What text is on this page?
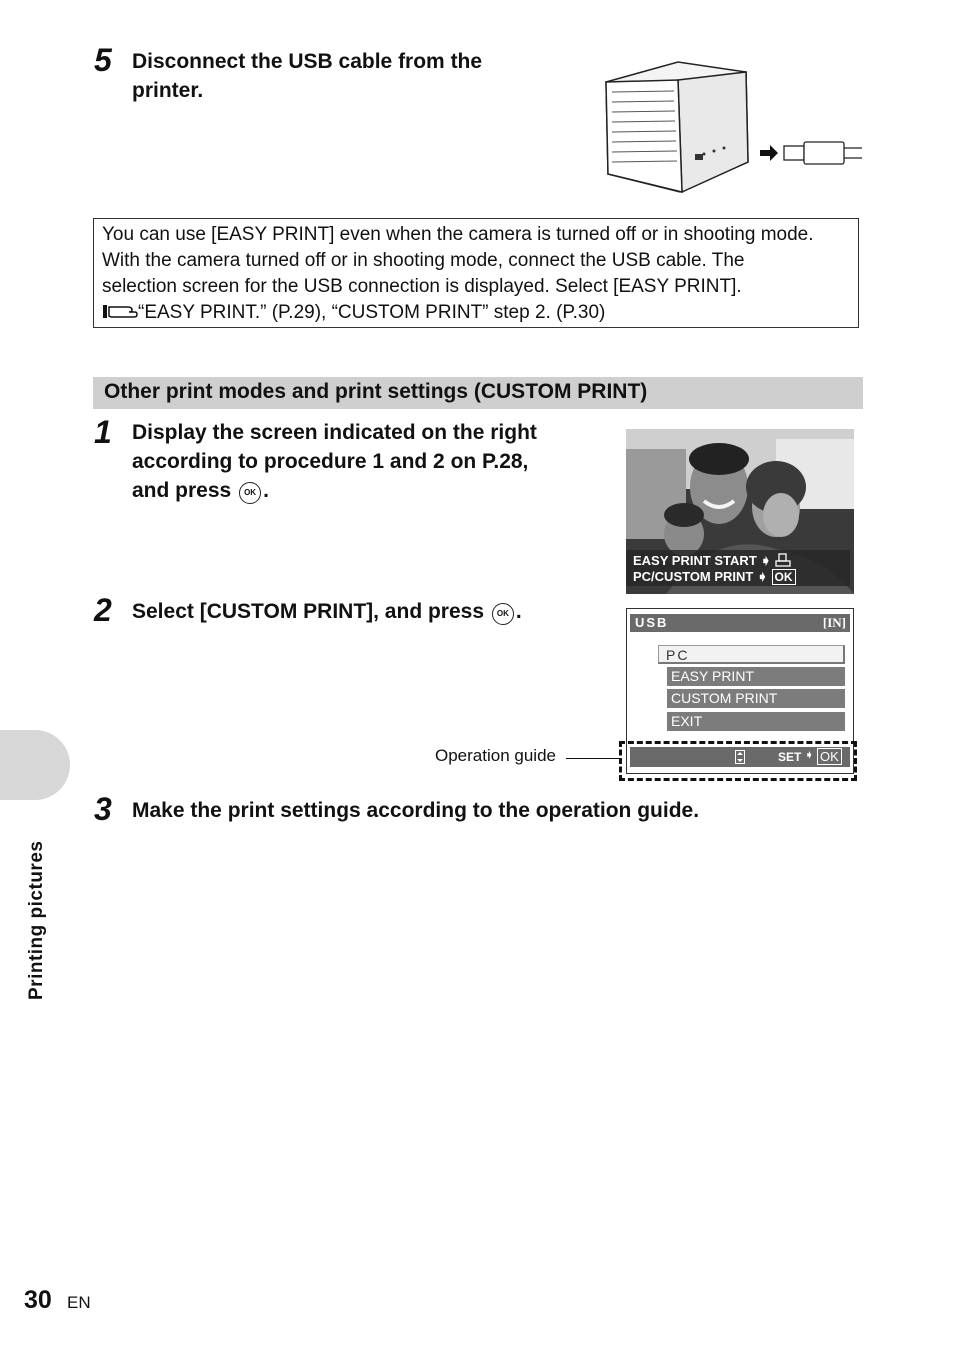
5 Disconnect the USB cable from the
printer.
You can use [EASY PRINT] even when the camera is turned off or in shooting mode.
With the camera turned off or in shooting mode, connect the USB cable. The
selection screen for the USB connection is displayed. Select [EASY PRINT].
“EASY PRINT.” (P.29), “CUSTOM PRINT” step 2. (P.30)
Other print modes and print settings (CUSTOM PRINT)
1 Display the screen indicated on the right
according to procedure 1 and 2 on P.28,
and press OK .
EASY PRINT START ➧
PC/CUSTOM PRINT ➧ OK
2 Select [CUSTOM PRINT], and press OK .	USB	[IN]
PC
EASY PRINT
CUSTOM PRINT
EXIT
SET ➧ OK
Operation guide
3 Make the print settings according to the operation guide.
Printing pictures
30 EN
